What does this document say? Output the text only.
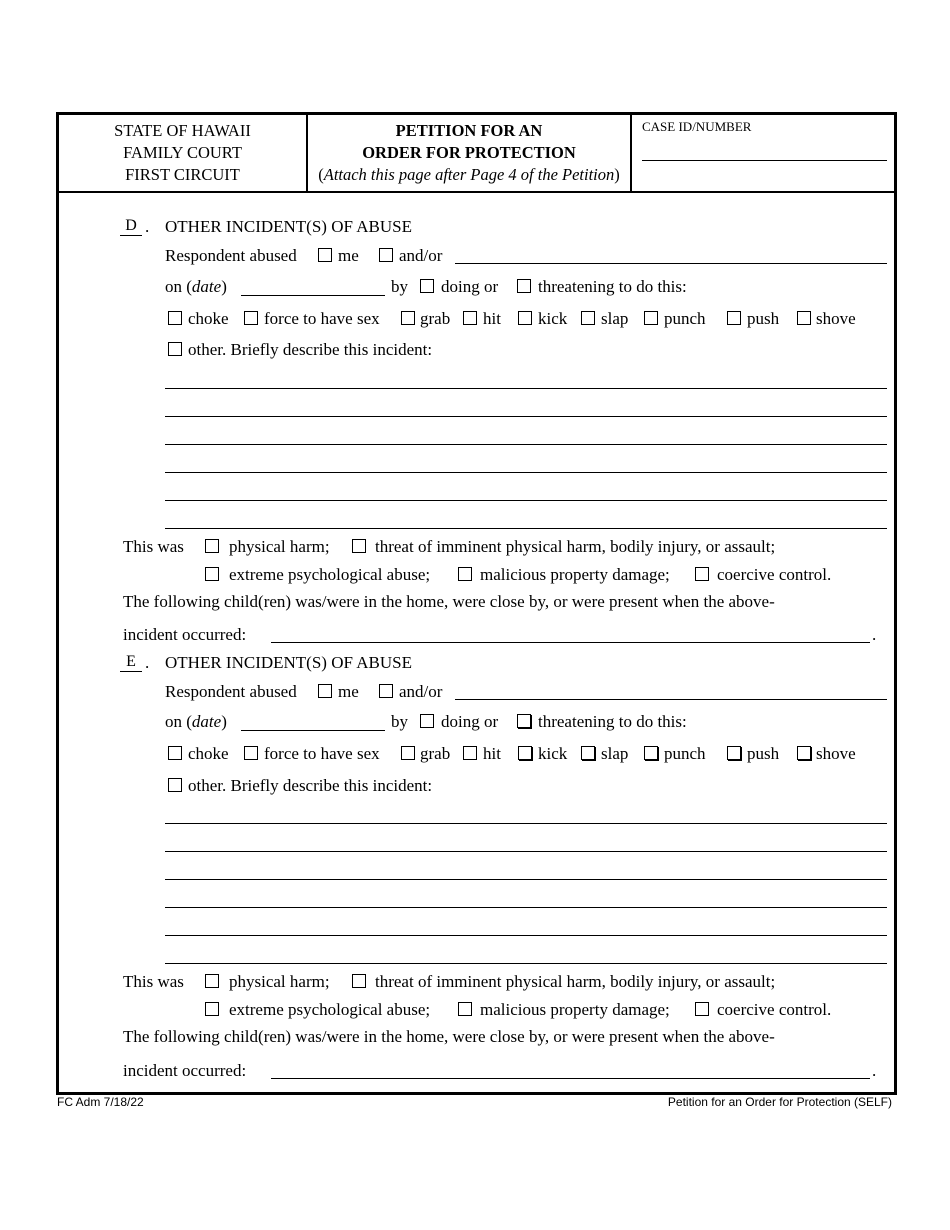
STATE OF HAWAII
FAMILY COURT
FIRST CIRCUIT
PETITION FOR AN
ORDER FOR PROTECTION
(Attach this page after Page 4 of the Petition)
CASE ID/NUMBER
D . OTHER INCIDENT(S) OF ABUSE
Respondent abused me and/or
on (date)	by doing or threatening to do this:
choke force to have sex grab hit kick slap punch push shove
other. Briefly describe this incident:
This was	physical harm;	threat of imminent physical harm, bodily injury, or assault;
extreme psychological abuse;	malicious property damage;	coercive control.
The following child(ren) was/were in the home, were close by, or were present when the above-
incident occurred:	.
E . OTHER INCIDENT(S) OF ABUSE
Respondent abused me and/or
on (date)	by doing or threatening to do this:
choke force to have sex grab hit kick slap punch push shove
other. Briefly describe this incident:
This was	physical harm;	threat of imminent physical harm, bodily injury, or assault;
extreme psychological abuse;	malicious property damage;	coercive control.
The following child(ren) was/were in the home, were close by, or were present when the above-
incident occurred:	.
FC Adm 7/18/22	Petition for an Order for Protection (SELF)
